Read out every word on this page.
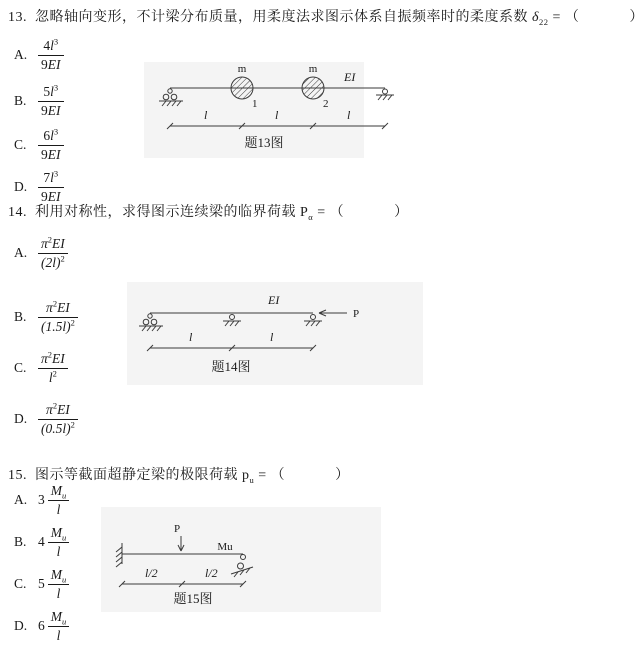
13. 忽略轴向变形，不计梁分布质量，用柔度法求图示体系自振频率时的柔度系数 $\delta_{22}$ = （	）
A. $\frac{4l^3}{9EI}$
B. $\frac{5l^3}{9EI}$
C. $\frac{6l^3}{9EI}$
D. $\frac{7l^3}{9EI}$
m	m
1	2
EI
l	l	l
题13图
14. 利用对称性，求得图示连续梁的临界荷载 $P_\alpha$ = （	）
A. $\frac{\pi^2EI}{(2l)^2}$
B. $\frac{\pi^2EI}{(1.5l)^2}$
C. $\frac{\pi^2EI}{l^2}$
D. $\frac{\pi^2EI}{(0.5l)^2}$
EI
P
l	l
题14图
15. 图示等截面超静定梁的极限荷载 $p_u$ = （	）
A. $3 \frac{M_u}{l}$
B. $4 \frac{M_u}{l}$
C. $5 \frac{M_u}{l}$
D. $6 \frac{M_u}{l}$
P
Mu
l/2	l/2
题15图
